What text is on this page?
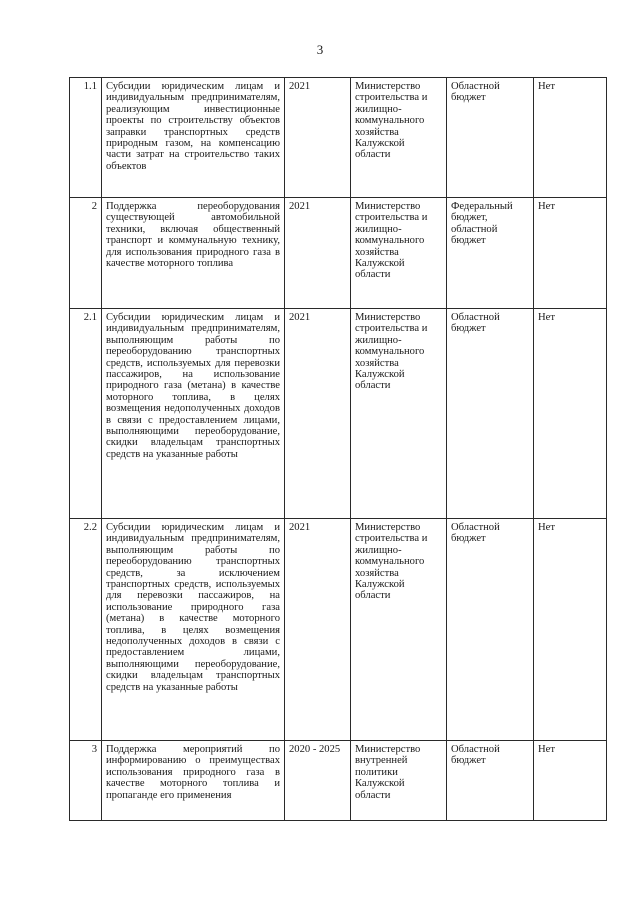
3
1.1	Субсидии юридическим лицам и индивидуальным предпринимателям, реализующим инвестиционные проекты по строительству объектов заправки транспортных средств природным газом, на компенсацию части затрат на строительство таких объектов	2021	Министерство строительства и жилищно-коммунального хозяйства Калужской области	Областной бюджет	Нет
2	Поддержка переоборудования существующей автомобильной техники, включая общественный транспорт и коммунальную технику, для использования природного газа в качестве моторного топлива	2021	Министерство строительства и жилищно-коммунального хозяйства Калужской области	Федеральный бюджет, областной бюджет	Нет
2.1	Субсидии юридическим лицам и индивидуальным предпринимателям, выполняющим работы по переоборудованию транспортных средств, используемых для перевозки пассажиров, на использование природного газа (метана) в качестве моторного топлива, в целях возмещения недополученных доходов в связи с предоставлением лицами, выполняющими переоборудование, скидки владельцам транспортных средств на указанные работы	2021	Министерство строительства и жилищно-коммунального хозяйства Калужской области	Областной бюджет	Нет
2.2	Субсидии юридическим лицам и индивидуальным предпринимателям, выполняющим работы по переоборудованию транспортных средств, за исключением транспортных средств, используемых для перевозки пассажиров, на использование природного газа (метана) в качестве моторного топлива, в целях возмещения недополученных доходов в связи с предоставлением лицами, выполняющими переоборудование, скидки владельцам транспортных средств на указанные работы	2021	Министерство строительства и жилищно-коммунального хозяйства Калужской области	Областной бюджет	Нет
3	Поддержка мероприятий по информированию о преимуществах использования природного газа в качестве моторного топлива и пропаганде его применения	2020 - 2025	Министерство внутренней политики Калужской области	Областной бюджет	Нет
